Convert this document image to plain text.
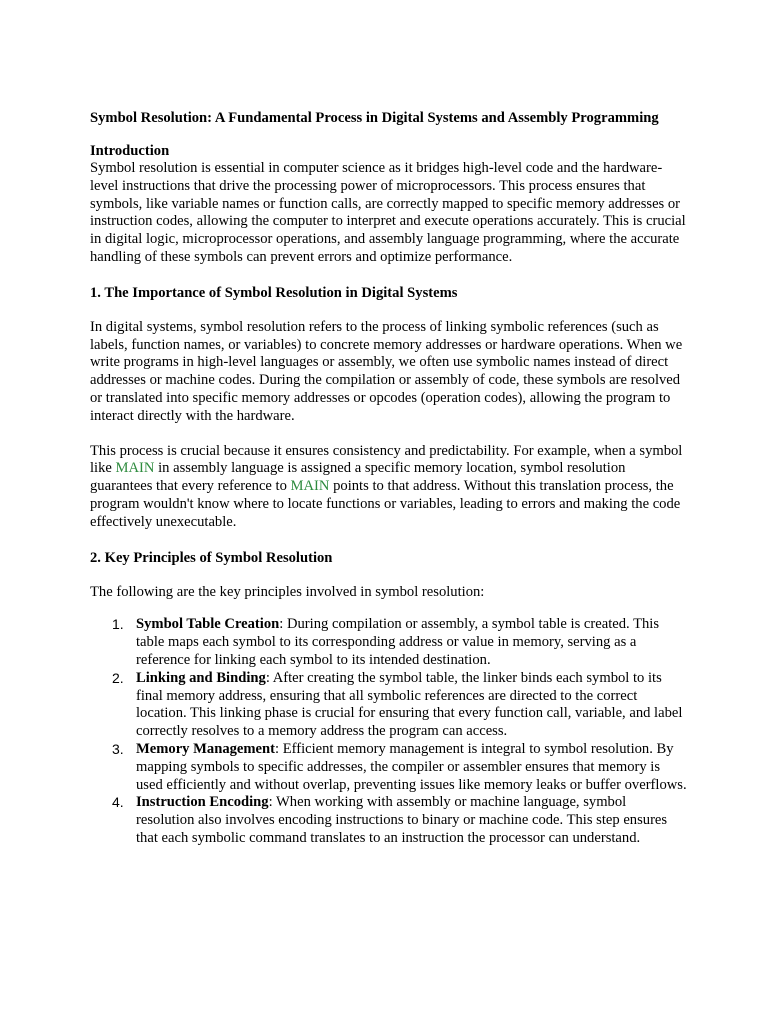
Symbol Resolution: A Fundamental Process in Digital Systems and Assembly Programming

Introduction

Symbol resolution is essential in computer science as it bridges high-level code and the hardware-level instructions that drive the processing power of microprocessors. This process ensures that symbols, like variable names or function calls, are correctly mapped to specific memory addresses or instruction codes, allowing the computer to interpret and execute operations accurately. This is crucial in digital logic, microprocessor operations, and assembly language programming, where the accurate handling of these symbols can prevent errors and optimize performance.

1. The Importance of Symbol Resolution in Digital Systems

In digital systems, symbol resolution refers to the process of linking symbolic references (such as labels, function names, or variables) to concrete memory addresses or hardware operations. When we write programs in high-level languages or assembly, we often use symbolic names instead of direct addresses or machine codes. During the compilation or assembly of code, these symbols are resolved or translated into specific memory addresses or opcodes (operation codes), allowing the program to interact directly with the hardware.

This process is crucial because it ensures consistency and predictability. For example, when a symbol like MAIN in assembly language is assigned a specific memory location, symbol resolution guarantees that every reference to MAIN points to that address. Without this translation process, the program wouldn't know where to locate functions or variables, leading to errors and making the code effectively unexecutable.

2. Key Principles of Symbol Resolution

The following are the key principles involved in symbol resolution:

1. Symbol Table Creation: During compilation or assembly, a symbol table is created. This table maps each symbol to its corresponding address or value in memory, serving as a reference for linking each symbol to its intended destination.
2. Linking and Binding: After creating the symbol table, the linker binds each symbol to its final memory address, ensuring that all symbolic references are directed to the correct location. This linking phase is crucial for ensuring that every function call, variable, and label correctly resolves to a memory address the program can access.
3. Memory Management: Efficient memory management is integral to symbol resolution. By mapping symbols to specific addresses, the compiler or assembler ensures that memory is used efficiently and without overlap, preventing issues like memory leaks or buffer overflows.
4. Instruction Encoding: When working with assembly or machine language, symbol resolution also involves encoding instructions to binary or machine code. This step ensures that each symbolic command translates to an instruction the processor can understand.
